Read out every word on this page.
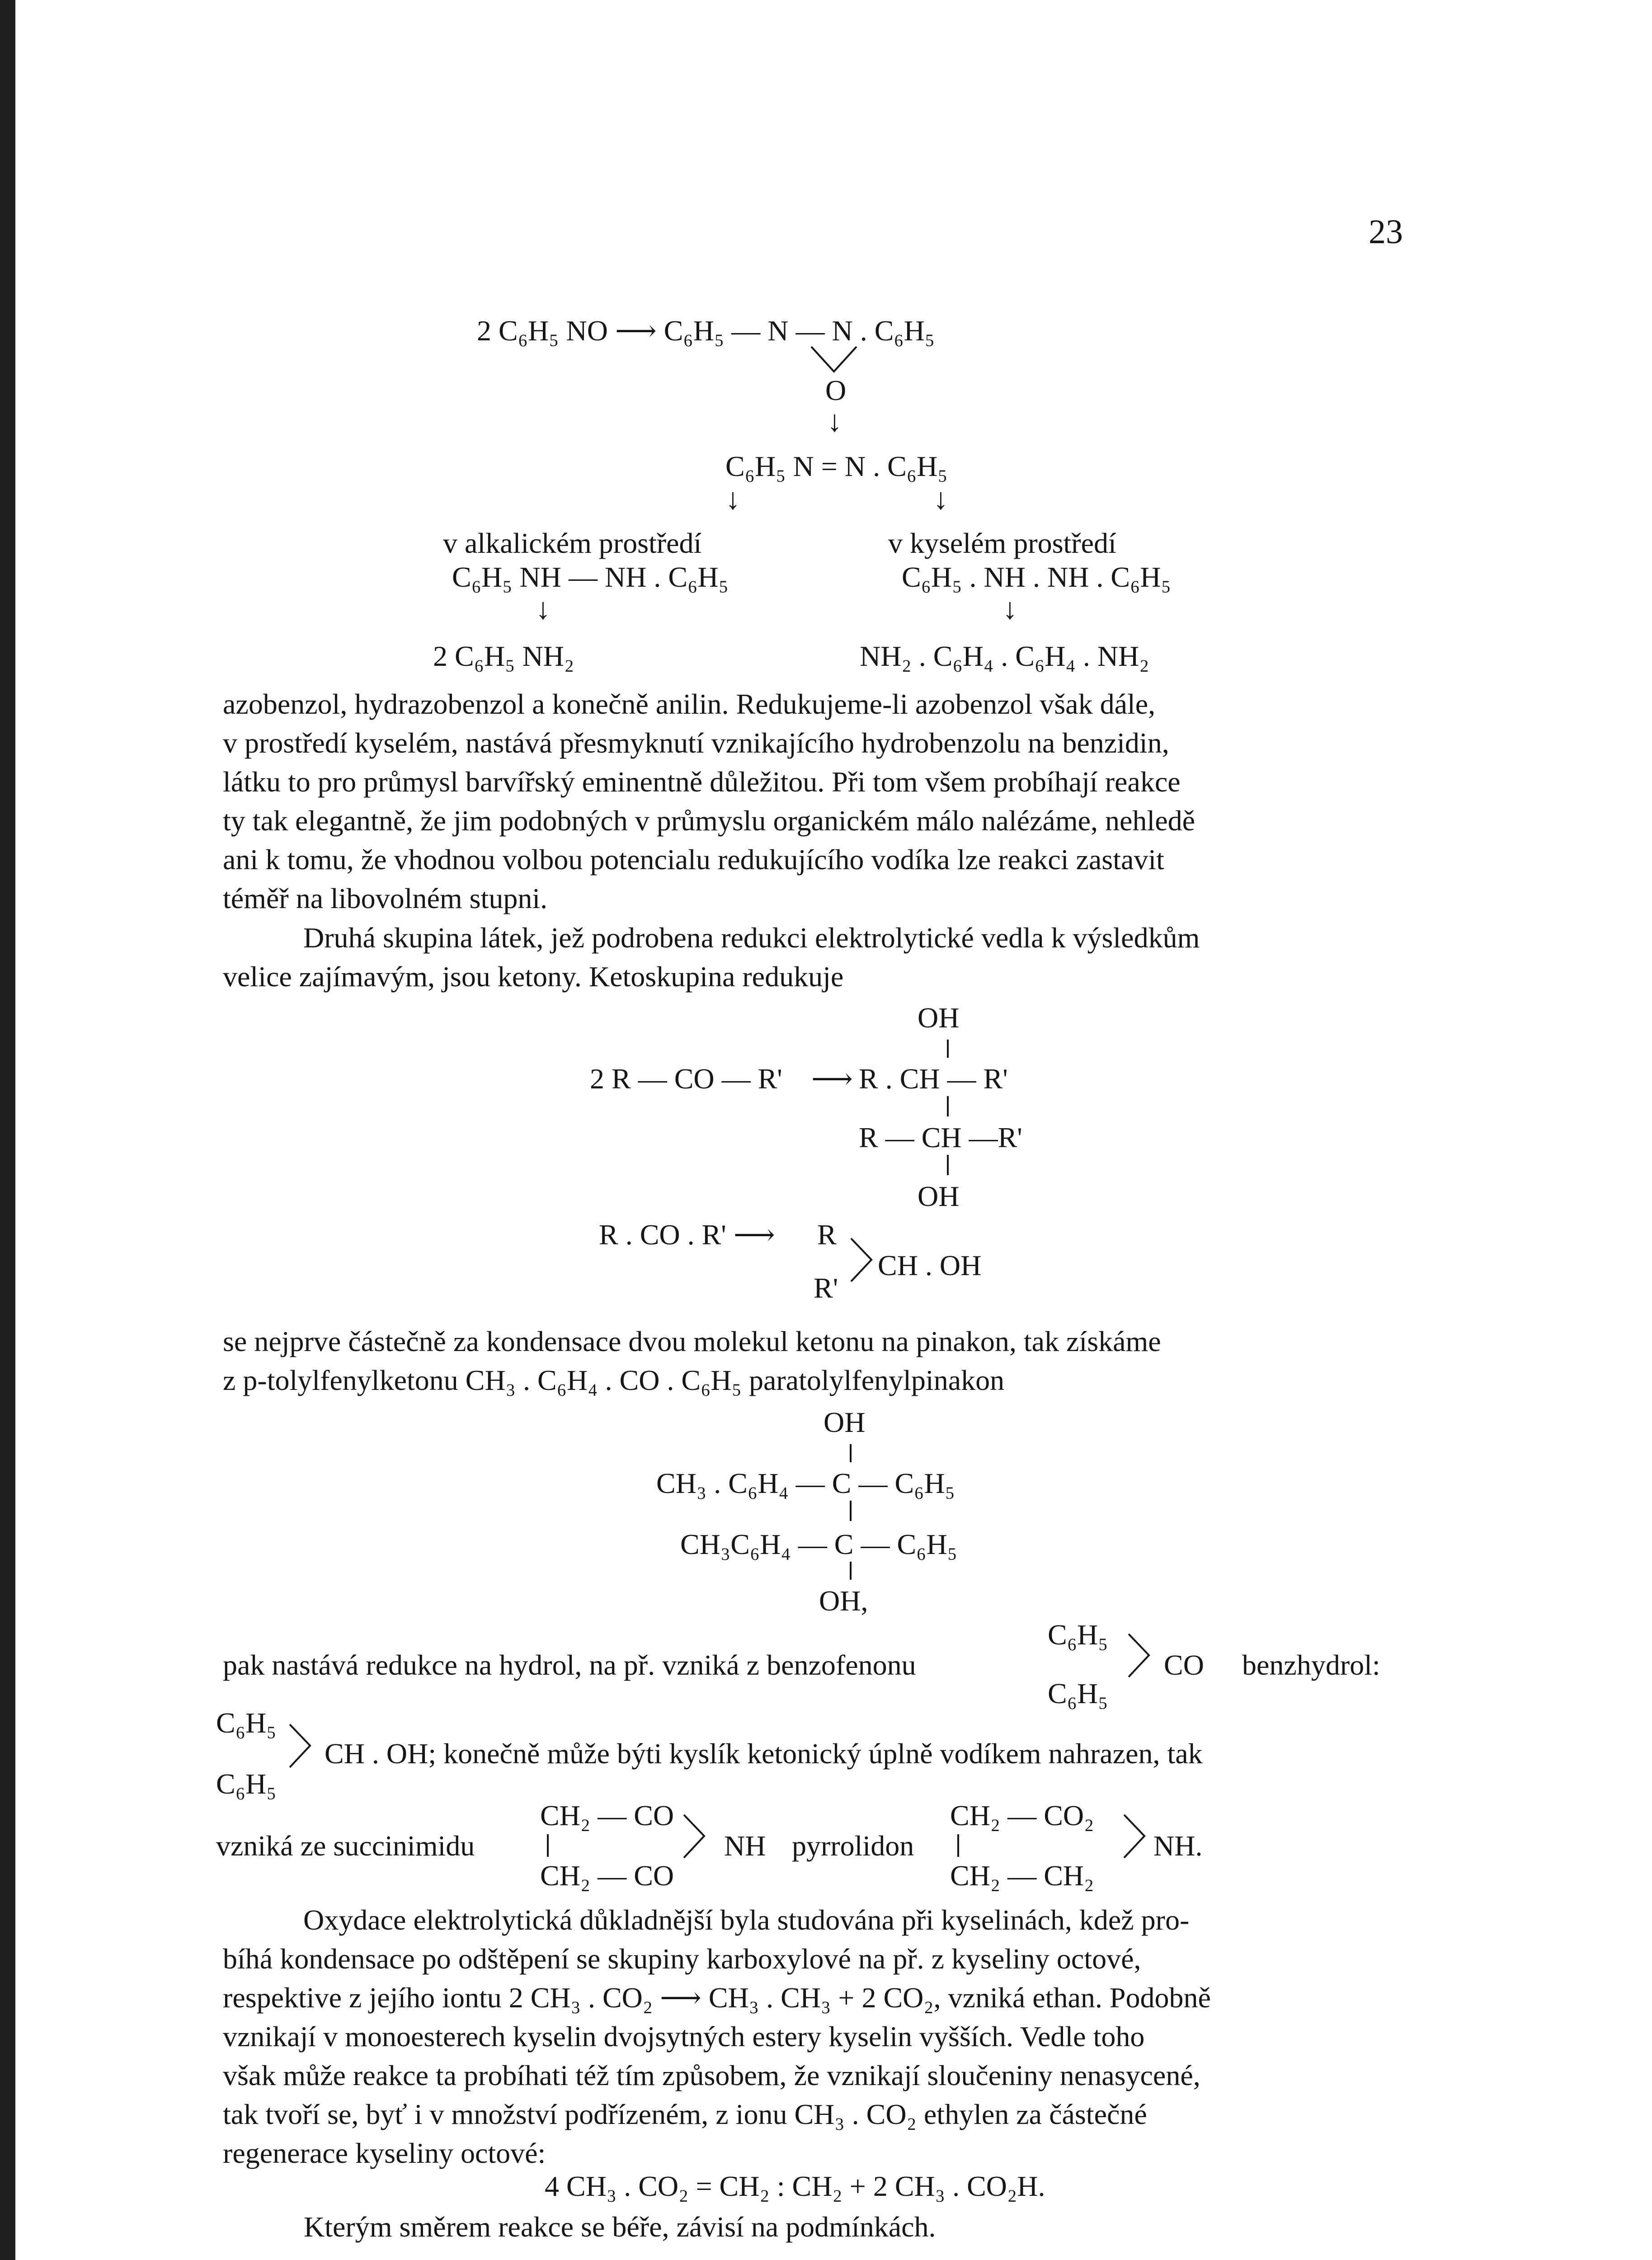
23
2 C₆H₅ NO ⟶ C₆H₅ — N — N . C₆H₅
O
↓
C₆H₅ N = N . C₆H₅
↓	↓
v alkalickém prostředí
C₆H₅ NH — NH . C₆H₅
↓
2 C₆H₅ NH₂
v kyselém prostředí
C₆H₅ . NH . NH . C₆H₅
↓
NH₂ . C₆H₄ . C₆H₄ . NH₂
azobenzol, hydrazobenzol a konečně anilin. Redukujeme-li azobenzol však dále,
v prostředí kyselém, nastává přesmyknutí vznikajícího hydrobenzolu na benzidin,
látku to pro průmysl barvířský eminentně důležitou. Při tom všem probíhají reakce
ty tak elegantně, že jim podobných v průmyslu organickém málo nalézáme, nehledě
ani k tomu, že vhodnou volbou potencialu redukujícího vodíka lze reakci zastavit
téměř na libovolném stupni.
Druhá skupina látek, jež podrobena redukci elektrolytické vedla k výsledkům
velice zajímavým, jsou ketony. Ketoskupina redukuje
OH
2 R — CO — R' ⟶ R . CH — R'
R — CH —R'
OH
R . CO . R' ⟶ R
CH . OH
R'
se nejprve částečně za kondensace dvou molekul ketonu na pinakon, tak získáme
z p-tolylfenylketonu CH₃ . C₆H₄ . CO . C₆H₅ paratolylfenylpinakon
OH
CH₃ . C₆H₄ — C — C₆H₅
CH₃C₆H₄ — C — C₆H₅
OH,
C₆H₅
pak nastává redukce na hydrol, na př. vzniká z benzofenonu	CO benzhydrol:
C₆H₅
C₆H₅
CH . OH; konečně může býti kyslík ketonický úplně vodíkem nahrazen, tak
C₆H₅
CH₂ — CO
vzniká ze succinimidu	NH pyrrolidon
CH₂ — CO
CH₂ — CO₂
NH.
CH₂ — CH₂
Oxydace elektrolytická důkladnější byla studována při kyselinách, kdež pro-
bíhá kondensace po odštěpení se skupiny karboxylové na př. z kyseliny octové,
respektive z jejího iontu 2 CH₃ . CO₂ ⟶ CH₃ . CH₃ + 2 CO₂, vzniká ethan. Podobně
vznikají v monoesterech kyselin dvojsytných estery kyselin vyšších. Vedle toho
však může reakce ta probíhati též tím způsobem, že vznikají sloučeniny nenasycené,
tak tvoří se, byť i v množství podřízeném, z ionu CH₃ . CO₂ ethylen za částečné
regenerace kyseliny octové:
4 CH₃ . CO₂ = CH₂ : CH₂ + 2 CH₃ . CO₂H.
Kterým směrem reakce se béře, závisí na podmínkách.
